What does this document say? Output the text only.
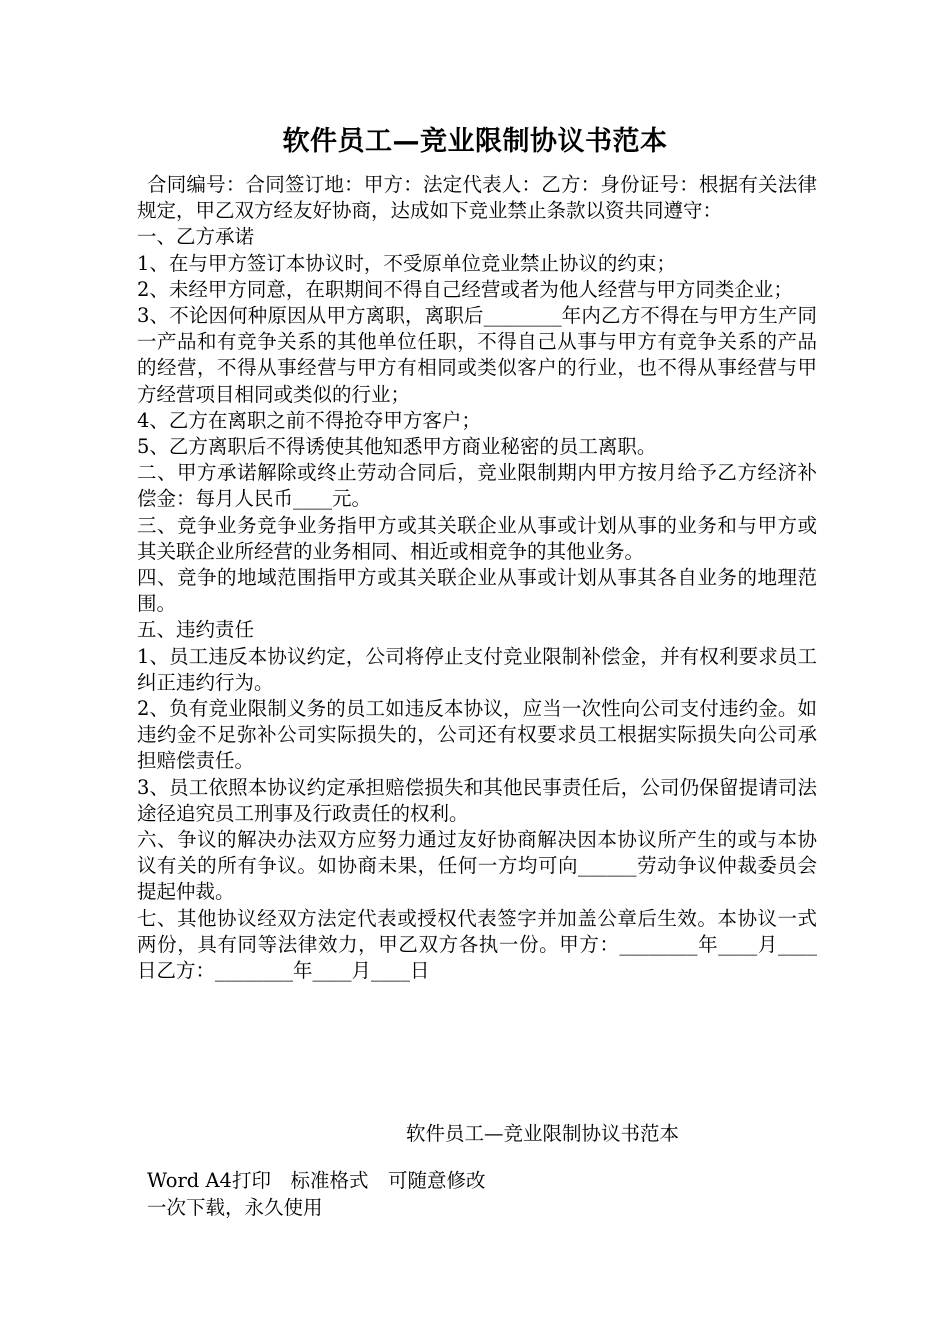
软件员工—竞业限制协议书范本

合同编号：合同签订地：甲方：法定代表人：乙方：身份证号：根据有关法律规定，甲乙双方经友好协商，达成如下竞业禁止条款以资共同遵守：

一、乙方承诺

1、在与甲方签订本协议时，不受原单位竞业禁止协议的约束；

2、未经甲方同意，在职期间不得自己经营或者为他人经营与甲方同类企业；

3、不论因何种原因从甲方离职，离职后________年内乙方不得在与甲方生产同一产品和有竞争关系的其他单位任职，不得自己从事与甲方有竞争关系的产品的经营，不得从事经营与甲方有相同或类似客户的行业，也不得从事经营与甲方经营项目相同或类似的行业；

4、乙方在离职之前不得抢夺甲方客户；

5、乙方离职后不得诱使其他知悉甲方商业秘密的员工离职。

二、甲方承诺解除或终止劳动合同后，竞业限制期内甲方按月给予乙方经济补偿金：每月人民币____元。

三、竞争业务竞争业务指甲方或其关联企业从事或计划从事的业务和与甲方或其关联企业所经营的业务相同、相近或相竞争的其他业务。

四、竞争的地域范围指甲方或其关联企业从事或计划从事其各自业务的地理范围。

五、违约责任

1、员工违反本协议约定，公司将停止支付竞业限制补偿金，并有权利要求员工纠正违约行为。

2、负有竞业限制义务的员工如违反本协议，应当一次性向公司支付违约金。如违约金不足弥补公司实际损失的，公司还有权要求员工根据实际损失向公司承担赔偿责任。

3、员工依照本协议约定承担赔偿损失和其他民事责任后，公司仍保留提请司法途径追究员工刑事及行政责任的权利。

六、争议的解决办法双方应努力通过友好协商解决因本协议所产生的或与本协议有关的所有争议。如协商未果，任何一方均可向______劳动争议仲裁委员会提起仲裁。

七、其他协议经双方法定代表或授权代表签字并加盖公章后生效。本协议一式两份，具有同等法律效力，甲乙双方各执一份。甲方：________年____月____日乙方：________年____月____日

软件员工—竞业限制协议书范本
Word A4打印　标准格式　可随意修改
一次下载，永久使用
